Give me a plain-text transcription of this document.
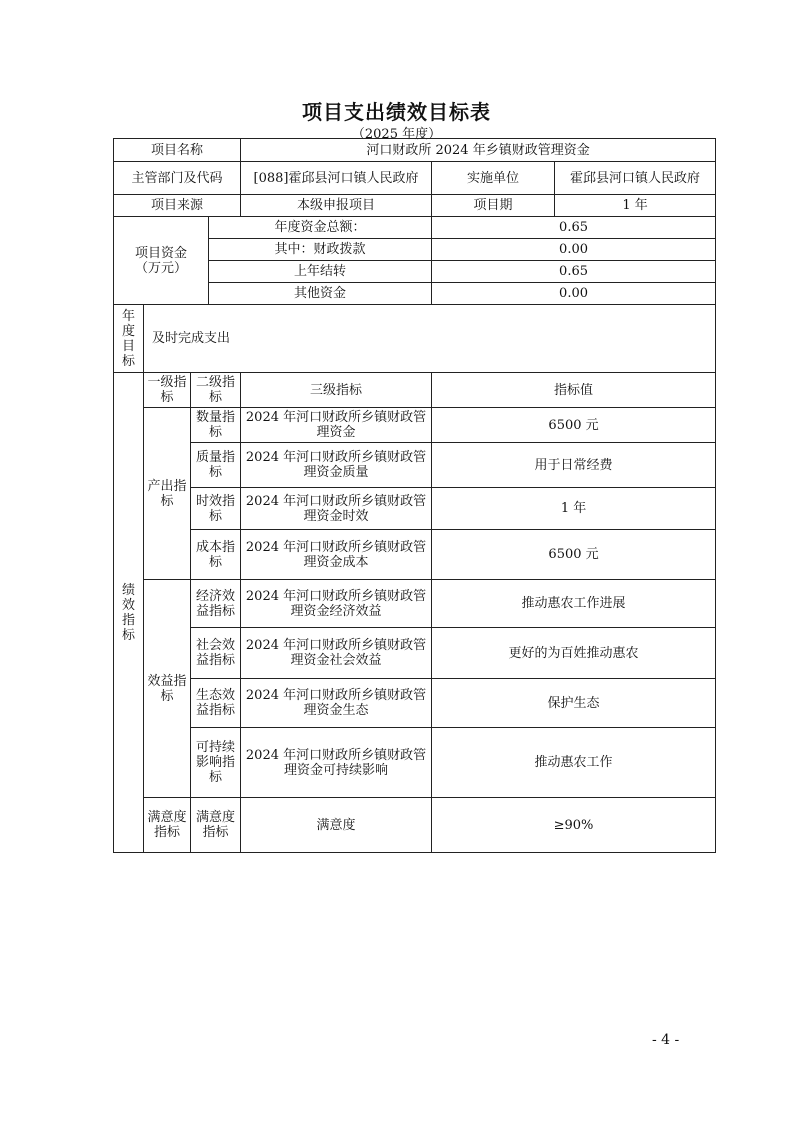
项目支出绩效目标表
（2025 年度）
项目名称				河口财政所 2024 年乡镇财政管理资金		
主管部门及代码				[088]霍邱县河口镇人民政府	实施单位	霍邱县河口镇人民政府
项目来源				本级申报项目	项目期	1 年

项目资金
（万元）			年度资金总额：		0.65	
			其中：财政拨款		0.00	
			上年结转		0.65	
			其他资金		0.00	
年度目标	及时完成支出					
绩效指标	一级指标	二级指标		三级指标	指标值	
	产出指标	数量指标		2024 年河口财政所乡镇财政管理资金	6500 元	
		质量指标		2024 年河口财政所乡镇财政管理资金质量	用于日常经费	
		时效指标		2024 年河口财政所乡镇财政管理资金时效	1 年	
		成本指标		2024 年河口财政所乡镇财政管理资金成本	6500 元	
	效益指标	经济效益指标		2024 年河口财政所乡镇财政管理资金经济效益	推动惠农工作进展	
		社会效益指标		2024 年河口财政所乡镇财政管理资金社会效益	更好的为百姓推动惠农	
		生态效益指标		2024 年河口财政所乡镇财政管理资金生态	保护生态	
		可持续影响指标		2024 年河口财政所乡镇财政管理资金可持续影响	推动惠农工作	
	满意度指标	满意度指标		满意度	≥90%	
- 4 -
